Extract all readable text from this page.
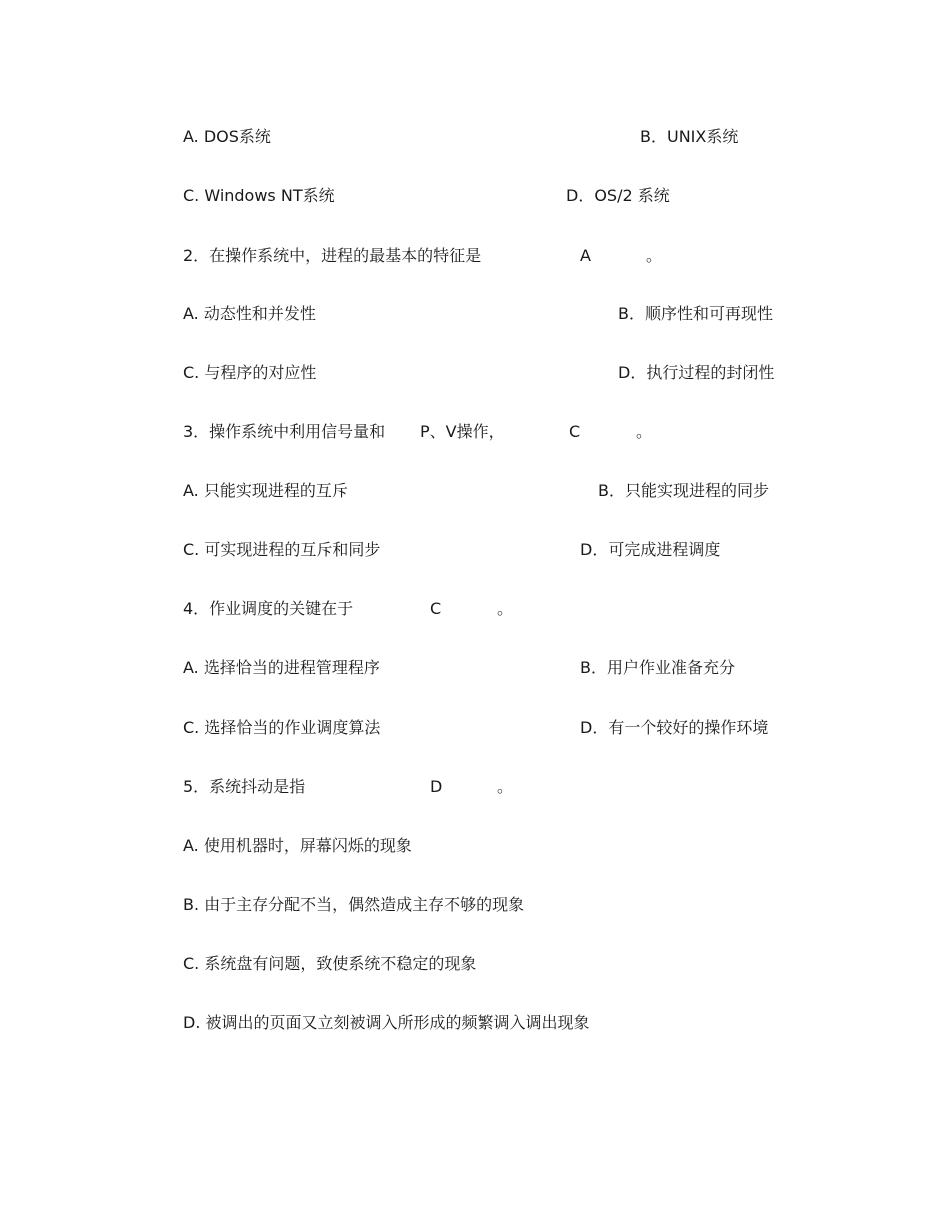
A. DOS系统	B．UNIX系统
C. Windows NT系统	D．OS/2 系统
2．在操作系统中，进程的最基本的特征是	A	。
A. 动态性和并发性	B．顺序性和可再现性
C. 与程序的对应性	D．执行过程的封闭性
3．操作系统中利用信号量和 P、V操作，	C	。
A. 只能实现进程的互斥	B．只能实现进程的同步
C. 可实现进程的互斥和同步	D．可完成进程调度
4．作业调度的关键在于	C	。
A. 选择恰当的进程管理程序	B．用户作业准备充分
C. 选择恰当的作业调度算法	D．有一个较好的操作环境
5．系统抖动是指	D	。
A. 使用机器时，屏幕闪烁的现象
B. 由于主存分配不当，偶然造成主存不够的现象
C. 系统盘有问题，致使系统不稳定的现象
D. 被调出的页面又立刻被调入所形成的频繁调入调出现象
